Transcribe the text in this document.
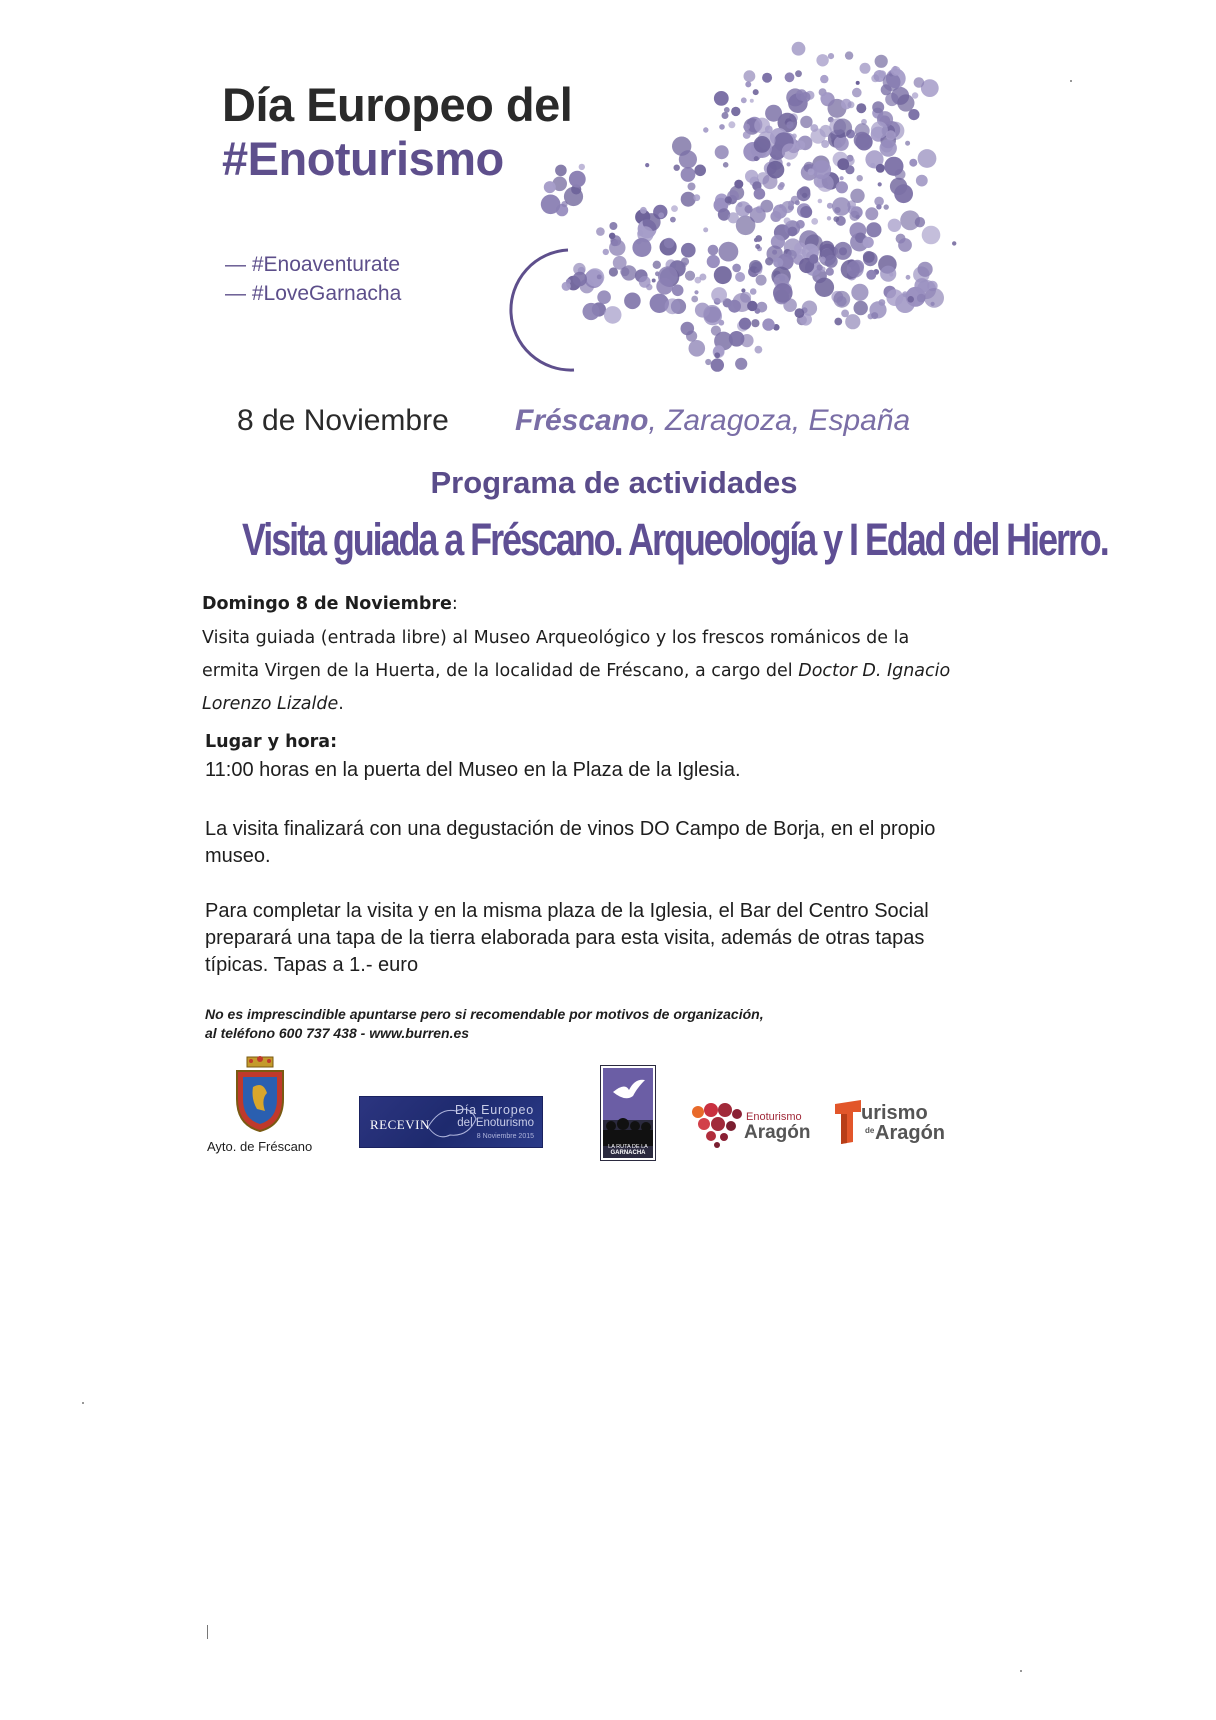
Día Europeo del
#Enoturismo
— #Enoaventurate
— #LoveGarnacha
8 de Noviembre Fréscano, Zaragoza, España
Programa de actividades
Visita guiada a Fréscano. Arqueología y I Edad del Hierro.
Domingo 8 de Noviembre:
Visita guiada (entrada libre) al Museo Arqueológico y los frescos románicos de la ermita Virgen de la Huerta, de la localidad de Fréscano, a cargo del Doctor D. Ignacio Lorenzo Lizalde.
Lugar y hora:
11:00 horas en la puerta del Museo en la Plaza de la Iglesia.
La visita finalizará con una degustación de vinos DO Campo de Borja, en el propio museo.
Para completar la visita y en la misma plaza de la Iglesia, el Bar del Centro Social preparará una tapa de la tierra elaborada para esta visita, además de otras tapas típicas. Tapas a 1.- euro
No es imprescindible apuntarse pero si recomendable por motivos de organización,
al teléfono 600 737 438 - www.burren.es
Ayto. de Fréscano
RECEVIN
Día Europeo
del Enoturismo
8 Noviembre 2015
LA RUTA DE LA
GARNACHA
Enoturismo
Aragón
urismo
de Aragón
